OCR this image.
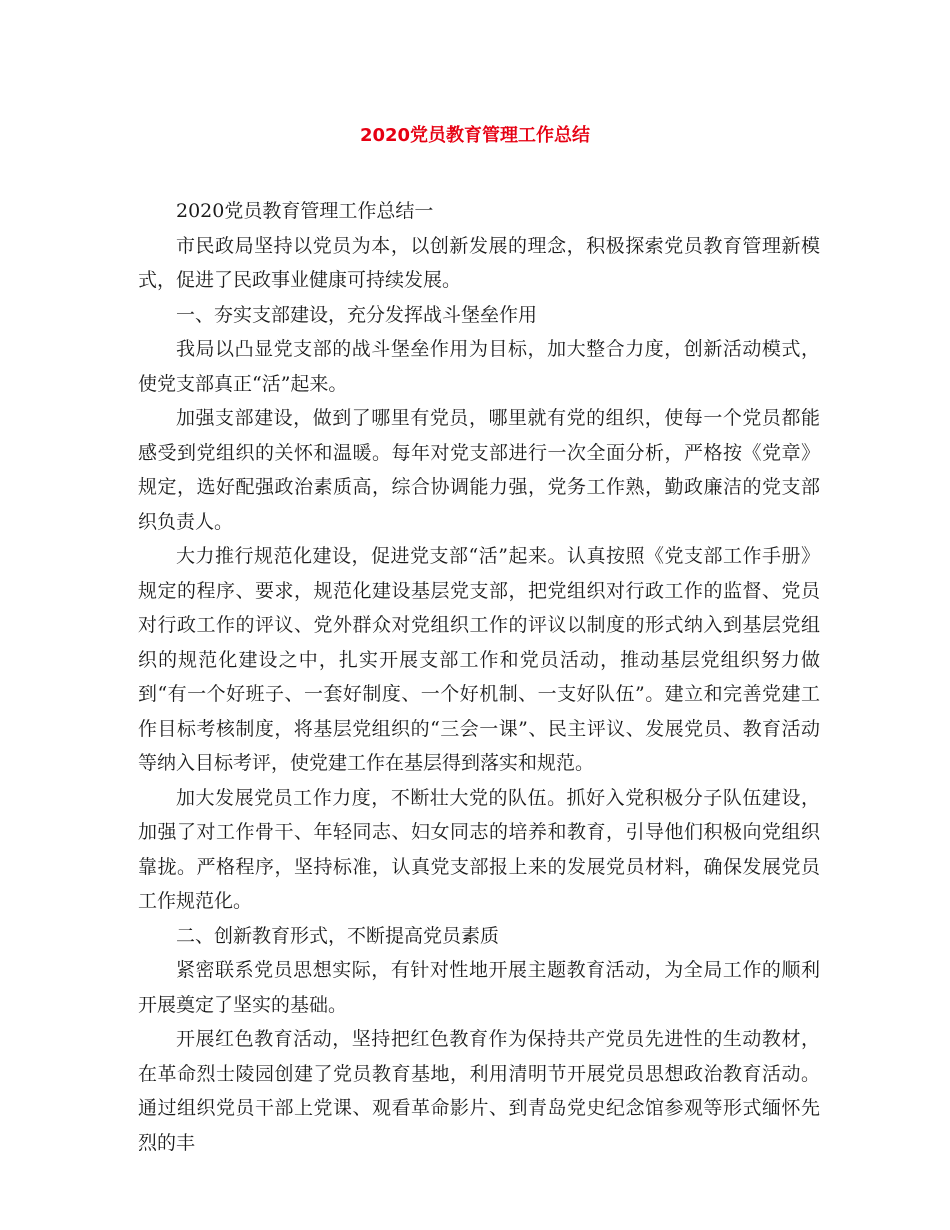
2020党员教育管理工作总结

2020党员教育管理工作总结一

市民政局坚持以党员为本，以创新发展的理念，积极探索党员教育管理新模式，促进了民政事业健康可持续发展。

一、夯实支部建设，充分发挥战斗堡垒作用

我局以凸显党支部的战斗堡垒作用为目标，加大整合力度，创新活动模式，使党支部真正“活”起来。

加强支部建设，做到了哪里有党员，哪里就有党的组织，使每一个党员都能感受到党组织的关怀和温暖。每年对党支部进行一次全面分析，严格按《党章》规定，选好配强政治素质高，综合协调能力强，党务工作熟，勤政廉洁的党支部织负责人。

大力推行规范化建设，促进党支部“活”起来。认真按照《党支部工作手册》规定的程序、要求，规范化建设基层党支部，把党组织对行政工作的监督、党员对行政工作的评议、党外群众对党组织工作的评议以制度的形式纳入到基层党组织的规范化建设之中，扎实开展支部工作和党员活动，推动基层党组织努力做到“有一个好班子、一套好制度、一个好机制、一支好队伍”。建立和完善党建工作目标考核制度，将基层党组织的“三会一课”、民主评议、发展党员、教育活动等纳入目标考评，使党建工作在基层得到落实和规范。

加大发展党员工作力度，不断壮大党的队伍。抓好入党积极分子队伍建设，加强了对工作骨干、年轻同志、妇女同志的培养和教育，引导他们积极向党组织靠拢。严格程序，坚持标准，认真党支部报上来的发展党员材料，确保发展党员工作规范化。

二、创新教育形式，不断提高党员素质

紧密联系党员思想实际，有针对性地开展主题教育活动，为全局工作的顺利开展奠定了坚实的基础。

开展红色教育活动，坚持把红色教育作为保持共产党员先进性的生动教材，在革命烈士陵园创建了党员教育基地，利用清明节开展党员思想政治教育活动。通过组织党员干部上党课、观看革命影片、到青岛党史纪念馆参观等形式缅怀先烈的丰
